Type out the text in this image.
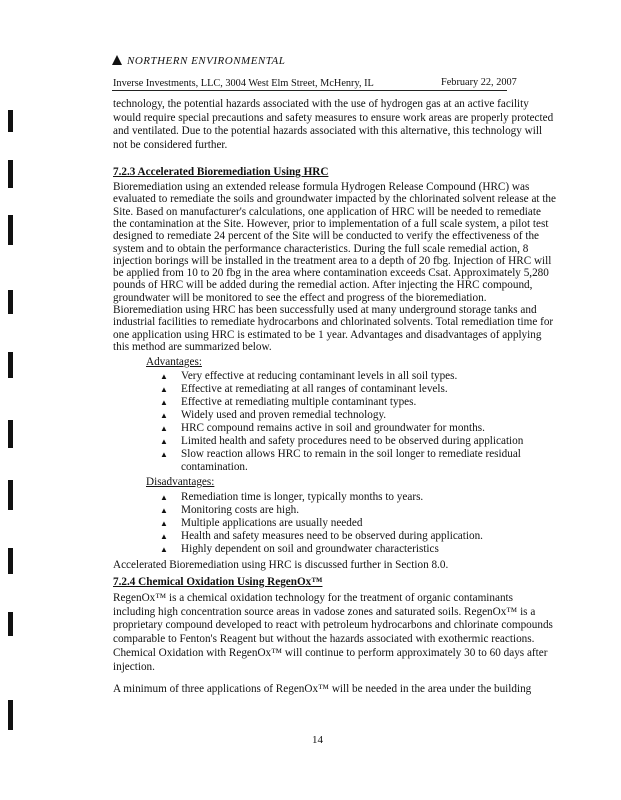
NORTHERN ENVIRONMENTAL
Inverse Investments, LLC, 3004 West Elm Street, McHenry, IL	February 22, 2007
technology, the potential hazards associated with the use of hydrogen gas at an active facility
would require special precautions and safety measures to ensure work areas are properly protected
and ventilated. Due to the potential hazards associated with this alternative, this technology will
not be considered further.
7.2.3 Accelerated Bioremediation Using HRC
Bioremediation using an extended release formula Hydrogen Release Compound (HRC) was
evaluated to remediate the soils and groundwater impacted by the chlorinated solvent release at the
Site. Based on manufacturer's calculations, one application of HRC will be needed to remediate
the contamination at the Site. However, prior to implementation of a full scale system, a pilot test
designed to remediate 24 percent of the Site will be conducted to verify the effectiveness of the
system and to obtain the performance characteristics. During the full scale remedial action, 8
injection borings will be installed in the treatment area to a depth of 20 fbg. Injection of HRC will
be applied from 10 to 20 fbg in the area where contamination exceeds Csat. Approximately 5,280
pounds of HRC will be added during the remedial action. After injecting the HRC compound,
groundwater will be monitored to see the effect and progress of the bioremediation.
Bioremediation using HRC has been successfully used at many underground storage tanks and
industrial facilities to remediate hydrocarbons and chlorinated solvents. Total remediation time for
one application using HRC is estimated to be 1 year. Advantages and disadvantages of applying
this method are summarized below.
Advantages:
▲ Very effective at reducing contaminant levels in all soil types.
▲ Effective at remediating at all ranges of contaminant levels.
▲ Effective at remediating multiple contaminant types.
▲ Widely used and proven remedial technology.
▲ HRC compound remains active in soil and groundwater for months.
▲ Limited health and safety procedures need to be observed during application
▲ Slow reaction allows HRC to remain in the soil longer to remediate residual
contamination.
Disadvantages:
▲ Remediation time is longer, typically months to years.
▲ Monitoring costs are high.
▲ Multiple applications are usually needed
▲ Health and safety measures need to be observed during application.
▲ Highly dependent on soil and groundwater characteristics
Accelerated Bioremediation using HRC is discussed further in Section 8.0.
7.2.4 Chemical Oxidation Using RegenOx™
RegenOx™ is a chemical oxidation technology for the treatment of organic contaminants
including high concentration source areas in vadose zones and saturated soils. RegenOx™ is a
proprietary compound developed to react with petroleum hydrocarbons and chlorinate compounds
comparable to Fenton's Reagent but without the hazards associated with exothermic reactions.
Chemical Oxidation with RegenOx™ will continue to perform approximately 30 to 60 days after
injection.
A minimum of three applications of RegenOx™ will be needed in the area under the building
14
